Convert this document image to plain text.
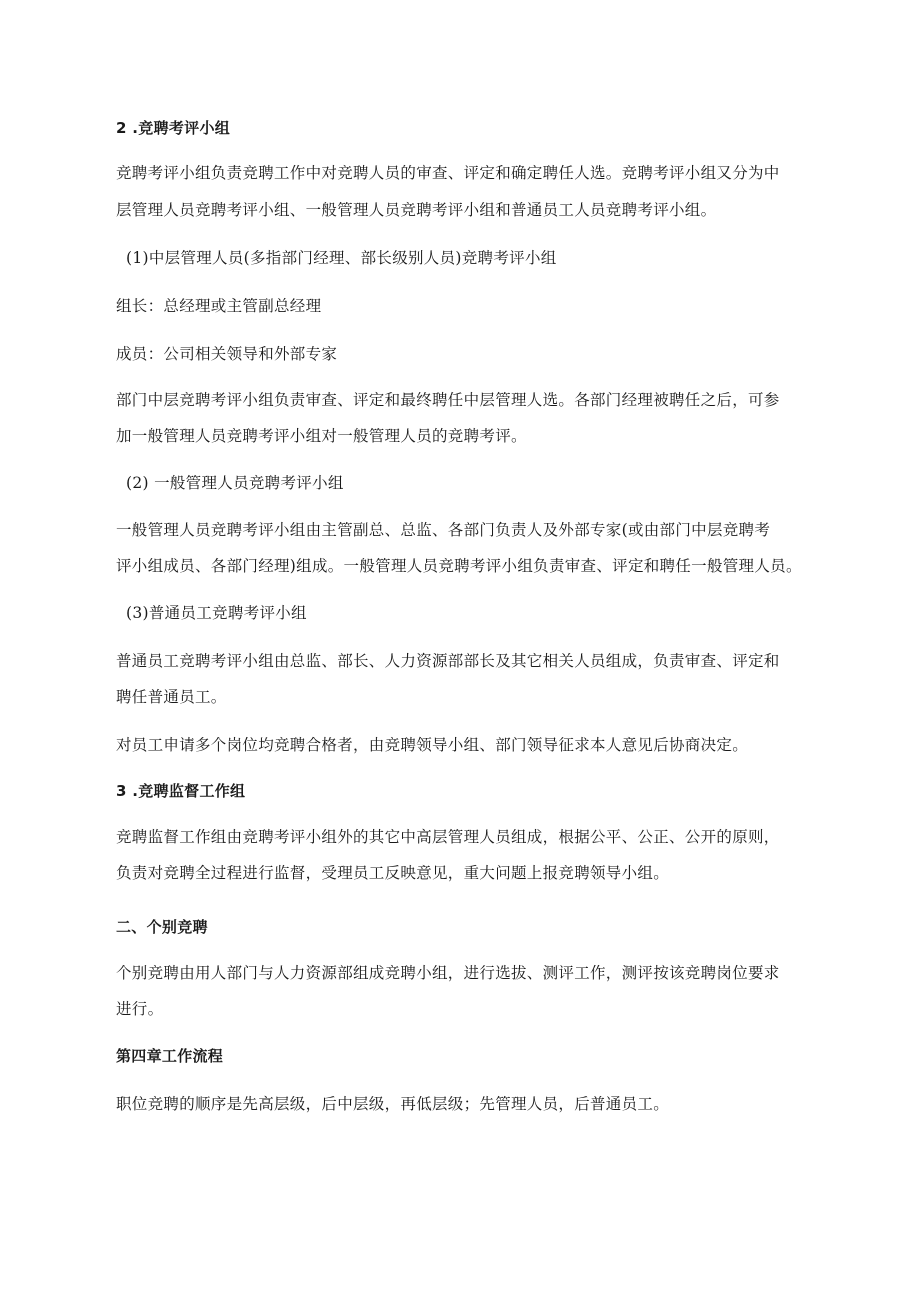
2 .竞聘考评小组
竞聘考评小组负责竞聘工作中对竞聘人员的审查、评定和确定聘任人选。竞聘考评小组又分为中
层管理人员竞聘考评小组、一般管理人员竞聘考评小组和普通员工人员竞聘考评小组。
(1)中层管理人员(多指部门经理、部长级别人员)竞聘考评小组
组长：总经理或主管副总经理
成员：公司相关领导和外部专家
部门中层竞聘考评小组负责审查、评定和最终聘任中层管理人选。各部门经理被聘任之后，可参
加一般管理人员竞聘考评小组对一般管理人员的竞聘考评。
(2) 一般管理人员竞聘考评小组
一般管理人员竞聘考评小组由主管副总、总监、各部门负责人及外部专家(或由部门中层竞聘考
评小组成员、各部门经理)组成。一般管理人员竞聘考评小组负责审查、评定和聘任一般管理人员。
(3)普通员工竞聘考评小组
普通员工竞聘考评小组由总监、部长、人力资源部部长及其它相关人员组成，负责审查、评定和
聘任普通员工。
对员工申请多个岗位均竞聘合格者，由竞聘领导小组、部门领导征求本人意见后协商决定。
3 .竞聘监督工作组
竞聘监督工作组由竞聘考评小组外的其它中高层管理人员组成，根据公平、公正、公开的原则，
负责对竞聘全过程进行监督，受理员工反映意见，重大问题上报竞聘领导小组。
二、个别竞聘
个别竞聘由用人部门与人力资源部组成竞聘小组，进行选拔、测评工作，测评按该竞聘岗位要求
进行。
第四章工作流程
职位竞聘的顺序是先高层级，后中层级，再低层级；先管理人员，后普通员工。
